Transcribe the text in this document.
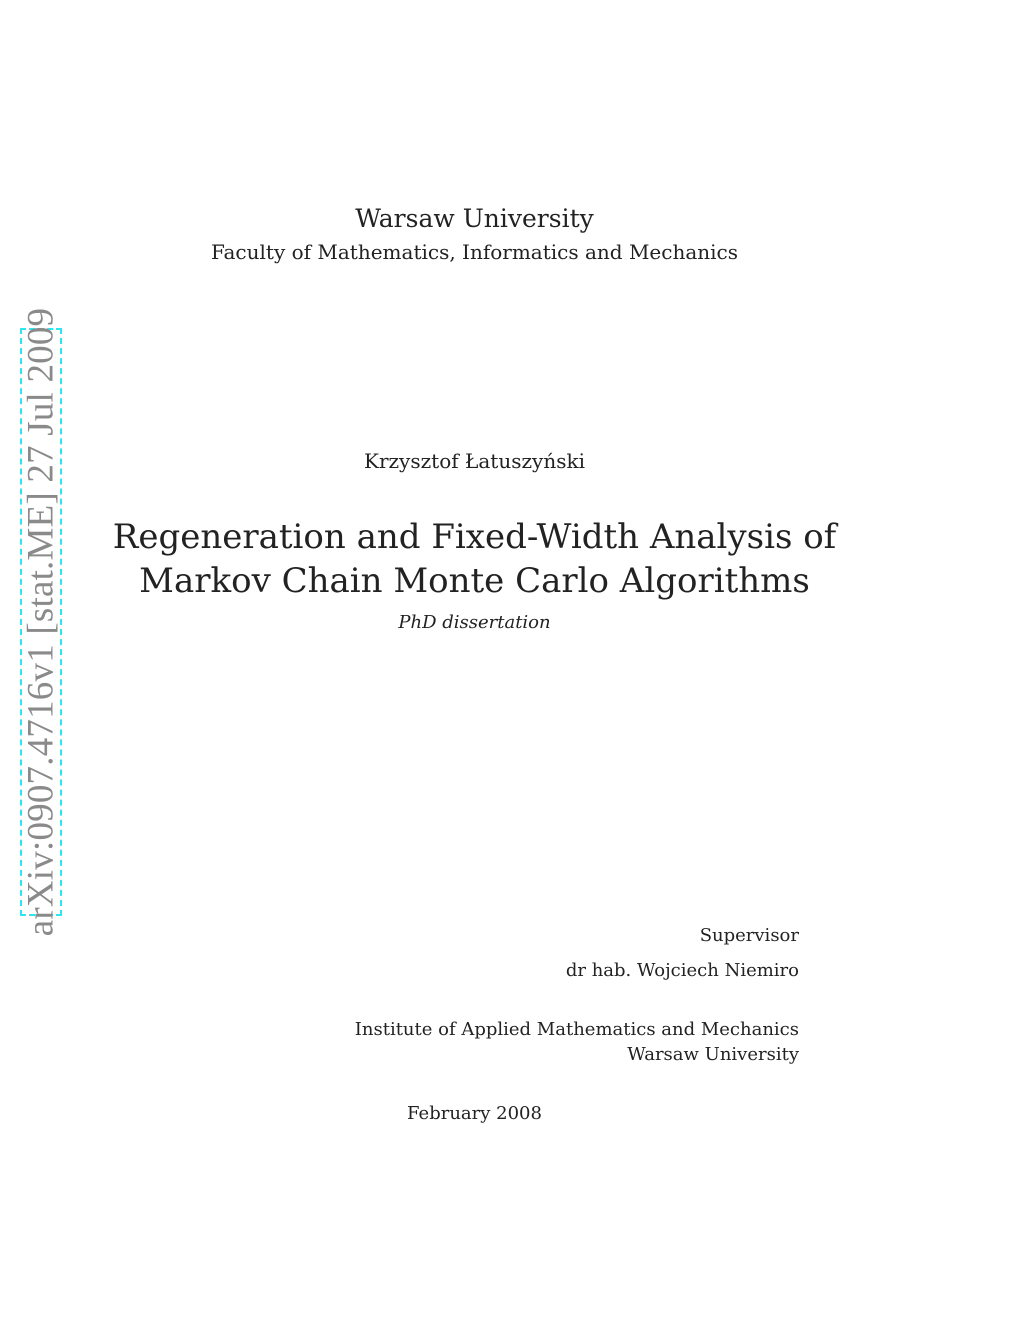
arXiv:0907.4716v1 [stat.ME] 27 Jul 2009
Warsaw University
Faculty of Mathematics, Informatics and Mechanics
Krzysztof Łatuszyński
Regeneration and Fixed-Width Analysis of
Markov Chain Monte Carlo Algorithms
PhD dissertation
Supervisor
dr hab. Wojciech Niemiro
Institute of Applied Mathematics and Mechanics
Warsaw University
February 2008
